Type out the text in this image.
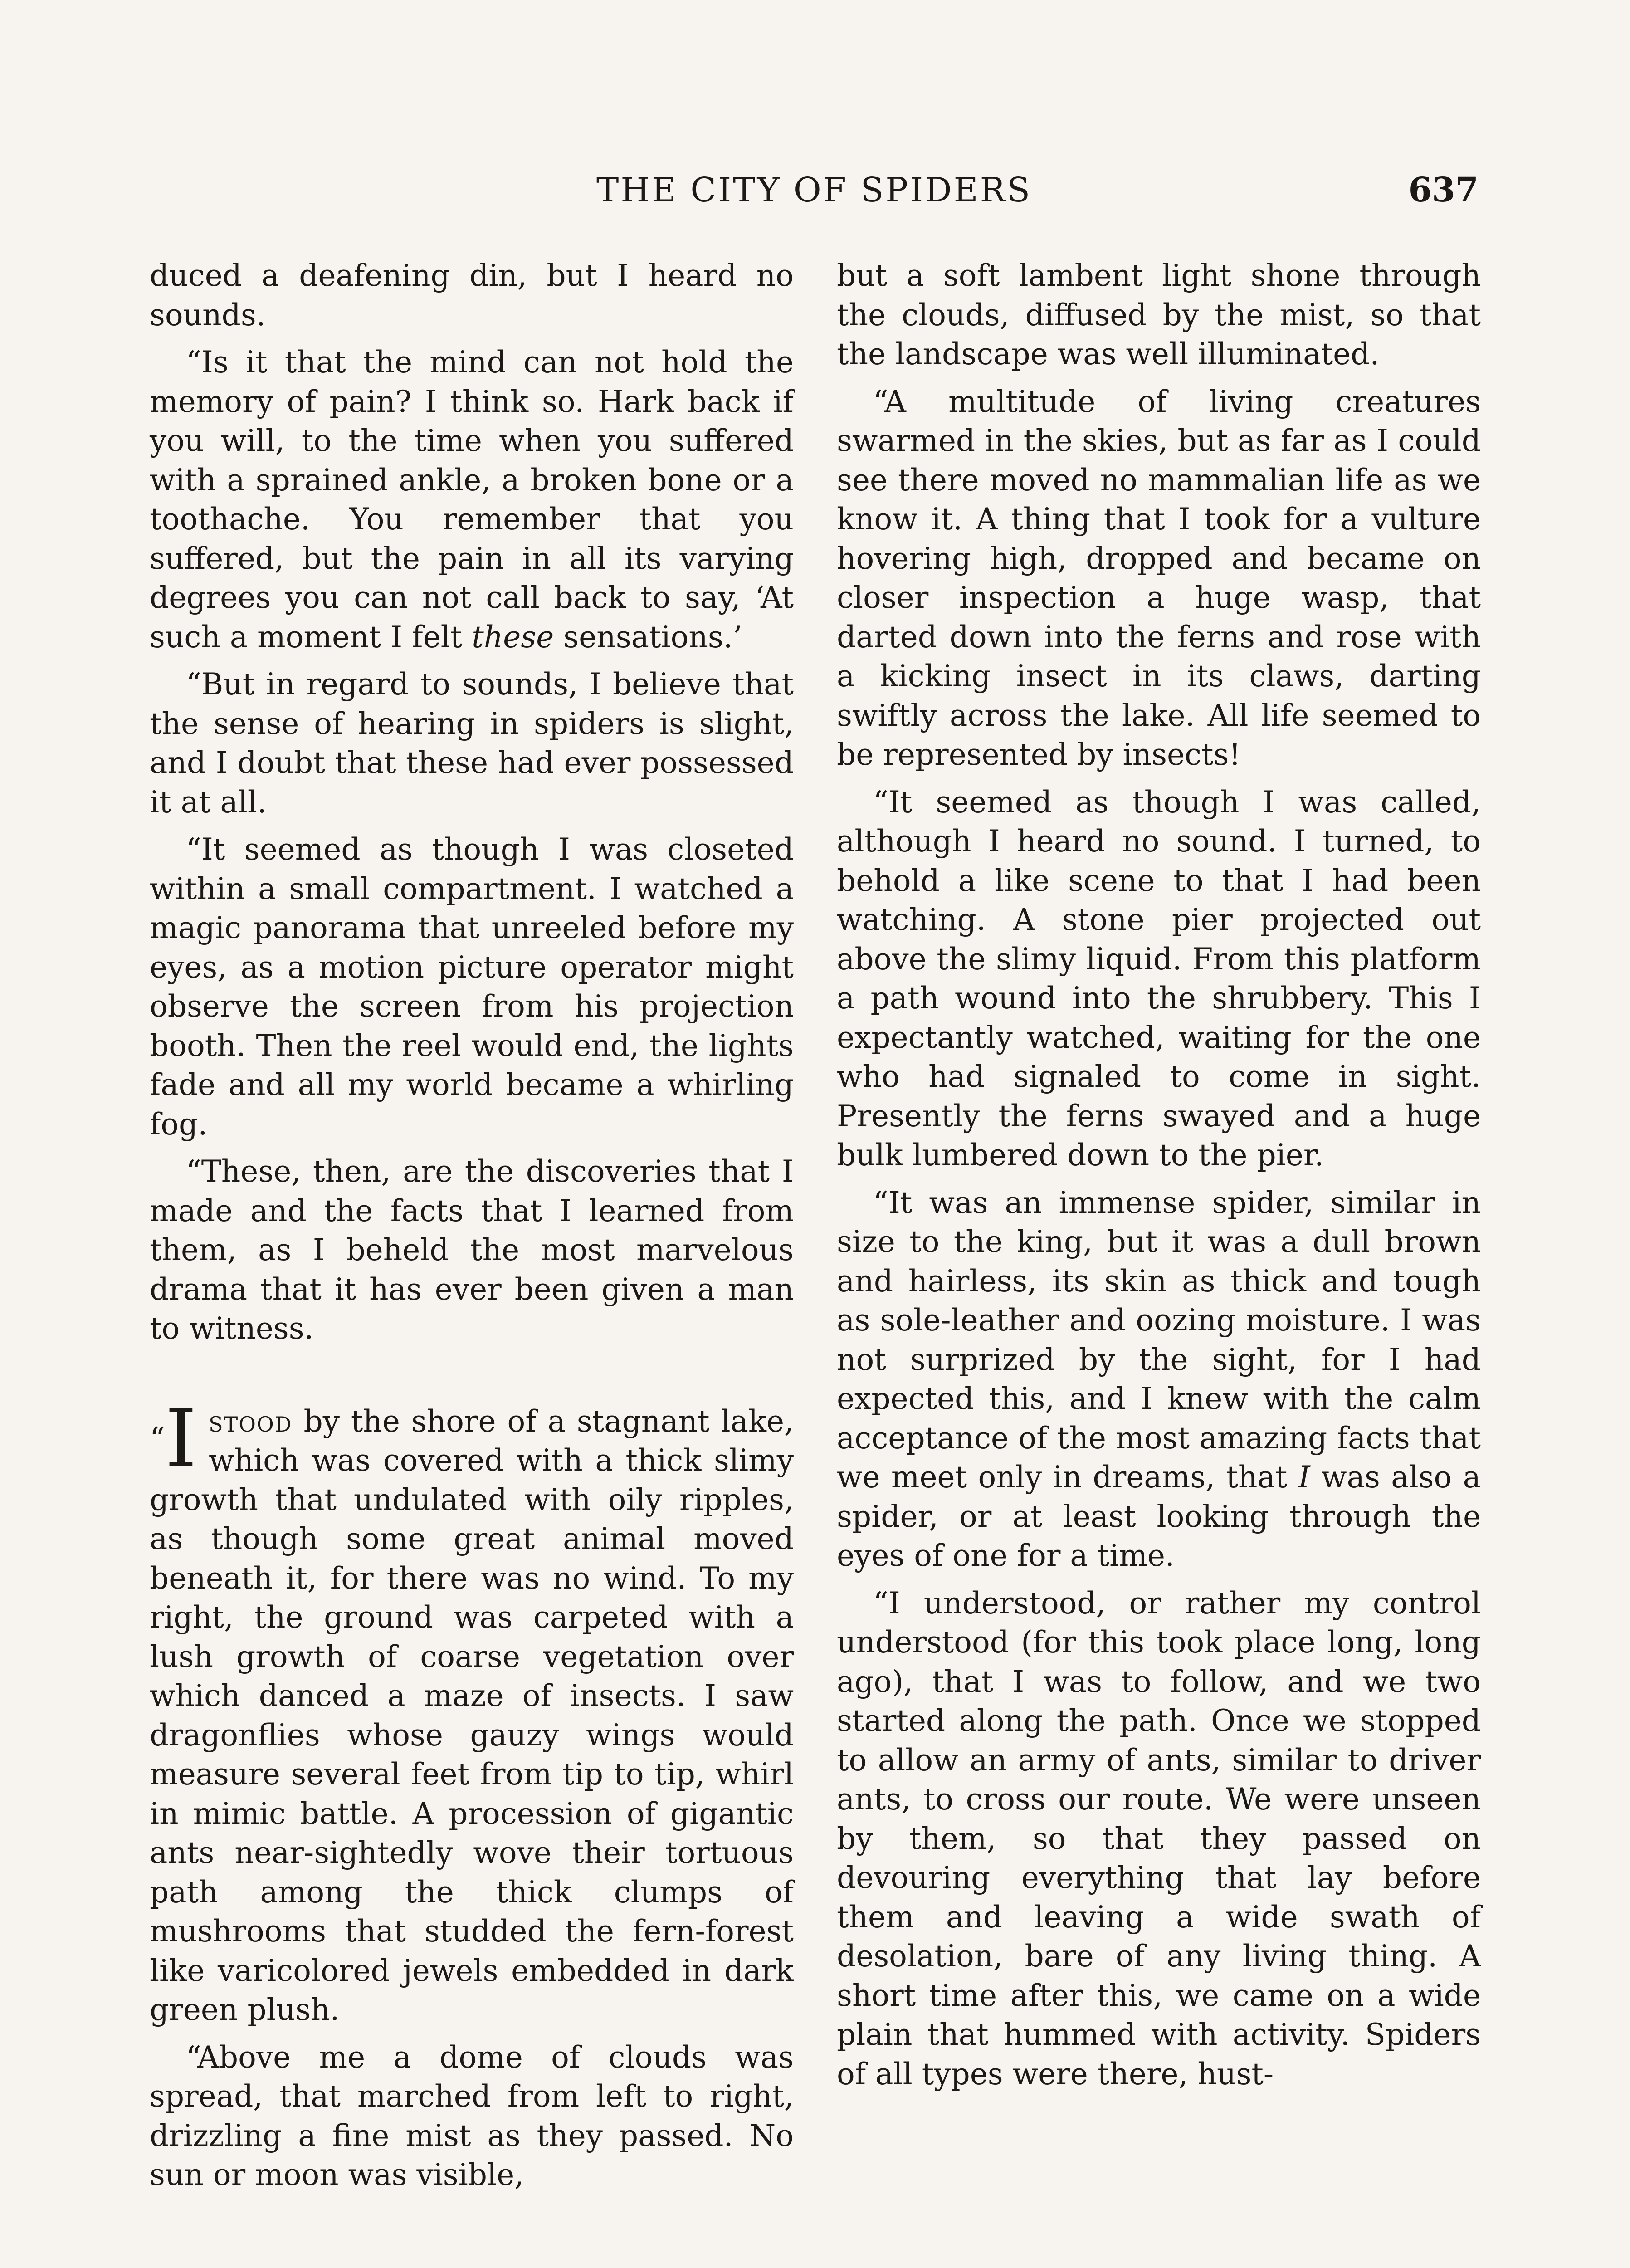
THE CITY OF SPIDERS	637

duced a deafening din, but I heard no sounds.

“Is it that the mind can not hold the memory of pain? I think so. Hark back if you will, to the time when you suffered with a sprained ankle, a broken bone or a toothache. You remember that you suffered, but the pain in all its varying degrees you can not call back to say, ‘At such a moment I felt these sensations.’

“But in regard to sounds, I believe that the sense of hearing in spiders is slight, and I doubt that these had ever possessed it at all.

“It seemed as though I was closeted within a small compartment. I watched a magic panorama that unreeled before my eyes, as a motion picture operator might observe the screen from his projection booth. Then the reel would end, the lights fade and all my world became a whirling fog.

“These, then, are the discoveries that I made and the facts that I learned from them, as I beheld the most marvelous drama that it has ever been given a man to witness.

“I stood by the shore of a stagnant lake, which was covered with a thick slimy growth that undulated with oily ripples, as though some great animal moved beneath it, for there was no wind. To my right, the ground was carpeted with a lush growth of coarse vegetation over which danced a maze of insects. I saw dragonflies whose gauzy wings would measure several feet from tip to tip, whirl in mimic battle. A procession of gigantic ants near-sightedly wove their tortuous path among the thick clumps of mushrooms that studded the fern-forest like varicolored jewels embedded in dark green plush.

“Above me a dome of clouds was spread, that marched from left to right, drizzling a fine mist as they passed. No sun or moon was visible,

but a soft lambent light shone through the clouds, diffused by the mist, so that the landscape was well illuminated.

“A multitude of living creatures swarmed in the skies, but as far as I could see there moved no mammalian life as we know it. A thing that I took for a vulture hovering high, dropped and became on closer inspection a huge wasp, that darted down into the ferns and rose with a kicking insect in its claws, darting swiftly across the lake. All life seemed to be represented by insects!

“It seemed as though I was called, although I heard no sound. I turned, to behold a like scene to that I had been watching. A stone pier projected out above the slimy liquid. From this platform a path wound into the shrubbery. This I expectantly watched, waiting for the one who had signaled to come in sight. Presently the ferns swayed and a huge bulk lumbered down to the pier.

“It was an immense spider, similar in size to the king, but it was a dull brown and hairless, its skin as thick and tough as sole-leather and oozing moisture. I was not surprized by the sight, for I had expected this, and I knew with the calm acceptance of the most amazing facts that we meet only in dreams, that I was also a spider, or at least looking through the eyes of one for a time.

“I understood, or rather my control understood (for this took place long, long ago), that I was to follow, and we two started along the path. Once we stopped to allow an army of ants, similar to driver ants, to cross our route. We were unseen by them, so that they passed on devouring everything that lay before them and leaving a wide swath of desolation, bare of any living thing. A short time after this, we came on a wide plain that hummed with activity. Spiders of all types were there, hust-
